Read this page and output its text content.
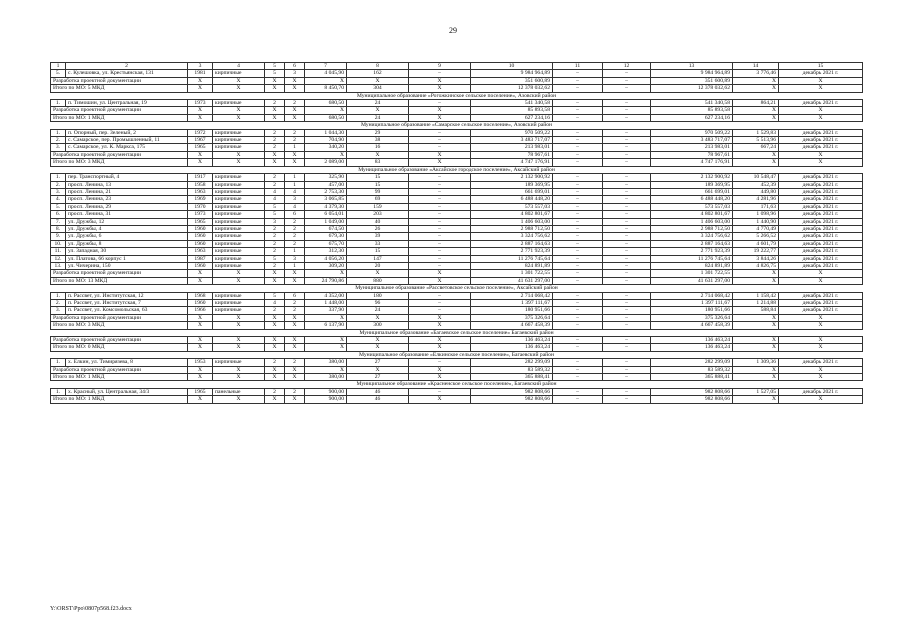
29
1	2	3	4	5	6	7	8	9	10	11	12	13	14	15
5.	с. Кулешовка, ул. Крестьянская, 131	1981	кирпичные	5	3	4 045,90	162	–	9 984 964,89	–	–	9 984 964,89	3 776,46	декабрь 2021 г.
Разработка проектной документации		X	X	X	X	X	X	X	351 600,89	–	–	351 600,89	X	X
Итого по МО: 5 МКД		X	X	X	X	8 450,70	304	X	12 378 032,62	–	–	12 378 032,62	X	X
Муниципальное образование «Рогожкинское сельское поселение», Азовский район														
1.	п. Тимошин, ул. Центральная, 19	1973	кирпичные	2	2	680,50	24	–	541 340,58	–	–	541 340,58	864,21	декабрь 2021 г.
Разработка проектной документации		X	X	X	X	X	X	X	85 893,58	–	–	85 893,58	X	X
Итого по МО: 1 МКД		X	X	X	X	680,50	24	X	627 234,16	–	–	627 234,16	X	X
Муниципальное образование «Самарское сельское поселение», Азовский район														
1.	п. Опорный, пер. Зеленый, 2	1972	кирпичные	2	2	1 044,30	29	–	970 509,22	–	–	970 509,22	1 529,83	декабрь 2021 г.
2.	с. Самарское, пер. Промышленный, 11	1967	кирпичные	2	2	704,90	38	–	3 483 717,07	–	–	3 483 717,07	5 513,96	декабрь 2021 г.
3.	с. Самарское, ул. К. Маркса, 175	1965	кирпичные	2	1	340,20	16	–	213 983,01	–	–	213 983,01	667,24	декабрь 2021 г.
Разработка проектной документации		X	X	X	X	X	X	X	78 967,61	–	–	78 967,61	X	X
Итого по МО: 3 МКД		X	X	X	X	2 089,00	83	X	4 747 176,91	–	–	4 747 176,91	X	X
Муниципальное образование «Аксайское городское поселение», Аксайский район														
1.	пер. Транспортный, 4	1917	кирпичные	2	1	325,90	15	–	2 132 900,92	–	–	2 132 900,92	10 548,47	декабрь 2021 г.
2.	просп. Ленина, 13	1958	кирпичные	2	1	457,00	15	–	189 369,95	–	–	189 369,95	452,39	декабрь 2021 г.
3.	просп. Ленина, 21	1963	кирпичные	4	4	2 753,30	99	–	661 699,01	–	–	661 699,01	449,80	декабрь 2021 г.
4.	просп. Ленина, 23	1969	кирпичные	4	3	3 065,85	69	–	6 488 448,20	–	–	6 488 448,20	4 281,96	декабрь 2021 г.
5.	просп. Ленина, 29	1970	кирпичные	5	4	4 379,30	159	–	573 557,03	–	–	573 557,03	171,63	декабрь 2021 г.
6.	просп. Ленина, 31	1973	кирпичные	5	6	6 054,01	203	–	4 802 801,67	–	–	4 802 801,67	1 098,96	декабрь 2021 г.
7.	ул. Дружбы, 12	1965	кирпичные	3	2	1 049,00	40	–	1 406 603,00	–	–	1 406 603,00	1 440,90	декабрь 2021 г.
8.	ул. Дружбы, 4	1960	кирпичные	2	2	674,50	26	–	2 988 712,50	–	–	2 988 712,50	4 770,49	декабрь 2021 г.
9.	ул. Дружбы, 6	1960	кирпичные	2	2	679,30	39	–	3 324 756,62	–	–	3 324 756,62	5 266,52	декабрь 2021 г.
10.	ул. Дружбы, 8	1960	кирпичные	2	2	675,70	33	–	2 887 164,63	–	–	2 887 164,63	4 601,79	декабрь 2021 г.
11.	ул. Западная, 30	1963	кирпичные	2	1	312,30	15	–	2 771 923,39	–	–	2 771 923,39	19 222,77	декабрь 2021 г.
12.	ул. Платова, 66 корпус 1	1987	кирпичные	5	3	4 056,20	147	–	11 276 745,64	–	–	11 276 745,64	3 844,26	декабрь 2021 г.
13.	ул. Чичерина, 150	1960	кирпичные	2	1	309,20	20	–	824 891,89	–	–	824 891,89	4 826,75	декабрь 2021 г.
Разработка проектной документации		X	X	X	X	X	X	X	1 301 722,55	–	–	1 301 722,55	X	X
Итого по МО: 13 МКД		X	X	X	X	24 790,86	880	X	41 631 297,00	–	–	41 631 297,00	X	X
Муниципальное образование «Рассветовское сельское поселение», Аксайский район														
1.	п. Рассвет, ул. Институтская, 12	1968	кирпичные	5	6	4 352,00	180	–	2 714 068,42	–	–	2 714 068,42	1 158,42	декабрь 2021 г.
2.	п. Рассвет, ул. Институтская, 7	1960	кирпичные	4	2	1 448,00	96	–	1 397 111,67	–	–	1 397 111,67	1 214,88	декабрь 2021 г.
3.	п. Рассвет, ул. Комсомольская, 63	1966	кирпичные	2	2	337,90	24	–	180 951,66	–	–	180 951,66	588,84	декабрь 2021 г.
Разработка проектной документации		X	X	X	X	X	X	X	375 326,64	–	–	375 326,64	X	X
Итого по МО: 3 МКД		X	X	X	X	6 137,90	300	X	4 667 458,39	–	–	4 667 458,39	X	X
Муниципальное образование «Багаевское сельское поселение» Багаевский район														
Разработка проектной документации		X	X	X	X	X	X	X	136 463,24	–	–	136 463,24	X	X
Итого по МО: 0 МКД		X	X	X	X	X	X	X	136 463,24	–	–	136 463,24	X	X
Муниципальное образование «Елкинское сельское поселение», Багаевский район														
1.	х. Елкин, ул. Тимирязева, 8	1953	кирпичные	2	2	380,00	27	–	282 299,09	–	–	282 299,09	1 309,36	декабрь 2021 г.
Разработка проектной документации		X	X	X	X	X	X	X	83 589,32	–	–	83 589,32	X	X
Итого по МО: 1 МКД		X	X	X	X	380,00	27	X	365 888,41	–	–	365 888,41	X	X
Муниципальное образование «Красненское сельское поселение», Багаевский район														
1.	х. Красный, ул. Центральная, 34/3	1965	панельные	2	2	900,00	46	–	982 808,66	–	–	982 808,66	1 527,05	декабрь 2021 г.
Итого по МО: 1 МКД		X	X	X	X	900,00	46	X	982 808,66	–	–	982 808,66	X	X
Y:\ORST\Ppo\0807p568.f23.docx
